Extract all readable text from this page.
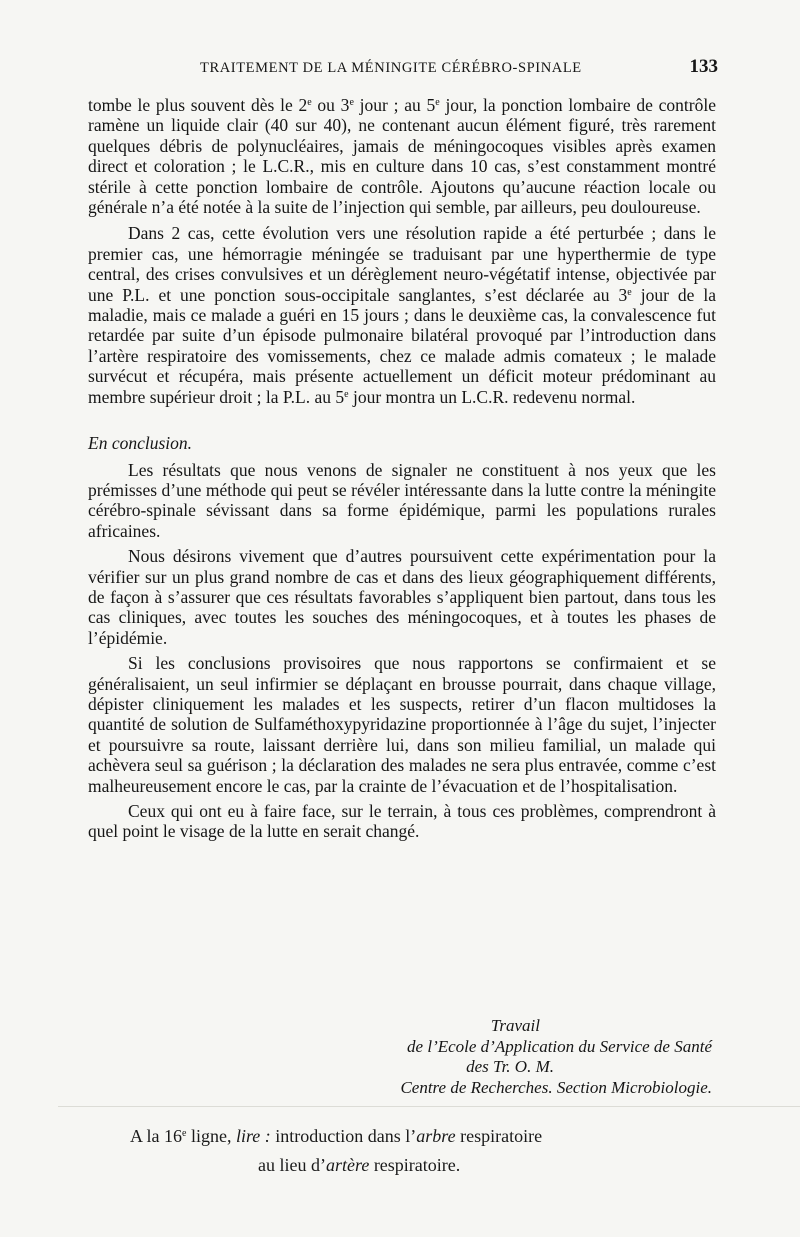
TRAITEMENT DE LA MÉNINGITE CÉRÉBRO-SPINALE	133

tombe le plus souvent dès le 2e ou 3e jour ; au 5e jour, la ponction lombaire de contrôle ramène un liquide clair (40 sur 40), ne contenant aucun élément figuré, très rarement quelques débris de polynucléaires, jamais de méningocoques visibles après examen direct et coloration ; le L.C.R., mis en culture dans 10 cas, s’est constamment montré stérile à cette ponction lombaire de contrôle. Ajoutons qu’aucune réaction locale ou générale n’a été notée à la suite de l’injection qui semble, par ailleurs, peu douloureuse.

Dans 2 cas, cette évolution vers une résolution rapide a été perturbée ; dans le premier cas, une hémorragie méningée se traduisant par une hyperthermie de type central, des crises convulsives et un dérèglement neuro-végétatif intense, objectivée par une P.L. et une ponction sous-occipitale sanglantes, s’est déclarée au 3e jour de la maladie, mais ce malade a guéri en 15 jours ; dans le deuxième cas, la convalescence fut retardée par suite d’un épisode pulmonaire bilatéral provoqué par l’introduction dans l’artère respiratoire des vomissements, chez ce malade admis comateux ; le malade survécut et récupéra, mais présente actuellement un déficit moteur prédominant au membre supérieur droit ; la P.L. au 5e jour montra un L.C.R. redevenu normal.

En conclusion.

Les résultats que nous venons de signaler ne constituent à nos yeux que les prémisses d’une méthode qui peut se révéler intéressante dans la lutte contre la méningite cérébro-spinale sévissant dans sa forme épidémique, parmi les populations rurales africaines.

Nous désirons vivement que d’autres poursuivent cette expérimentation pour la vérifier sur un plus grand nombre de cas et dans des lieux géographiquement différents, de façon à s’assurer que ces résultats favorables s’appliquent bien partout, dans tous les cas cliniques, avec toutes les souches des méningocoques, et à toutes les phases de l’épidémie.

Si les conclusions provisoires que nous rapportons se confirmaient et se généralisaient, un seul infirmier se déplaçant en brousse pourrait, dans chaque village, dépister cliniquement les malades et les suspects, retirer d’un flacon multidoses la quantité de solution de Sulfaméthoxypyridazine proportionnée à l’âge du sujet, l’injecter et poursuivre sa route, laissant derrière lui, dans son milieu familial, un malade qui achèvera seul sa guérison ; la déclaration des malades ne sera plus entravée, comme c’est malheureusement encore le cas, par la crainte de l’évacuation et de l’hospitalisation.

Ceux qui ont eu à faire face, sur le terrain, à tous ces problèmes, comprendront à quel point le visage de la lutte en serait changé.

Travail
de l’Ecole d’Application du Service de Santé
des Tr. O. M.
Centre de Recherches. Section Microbiologie.
A la 16e ligne, lire : introduction dans l’arbre respiratoire
au lieu d’artère respiratoire.
